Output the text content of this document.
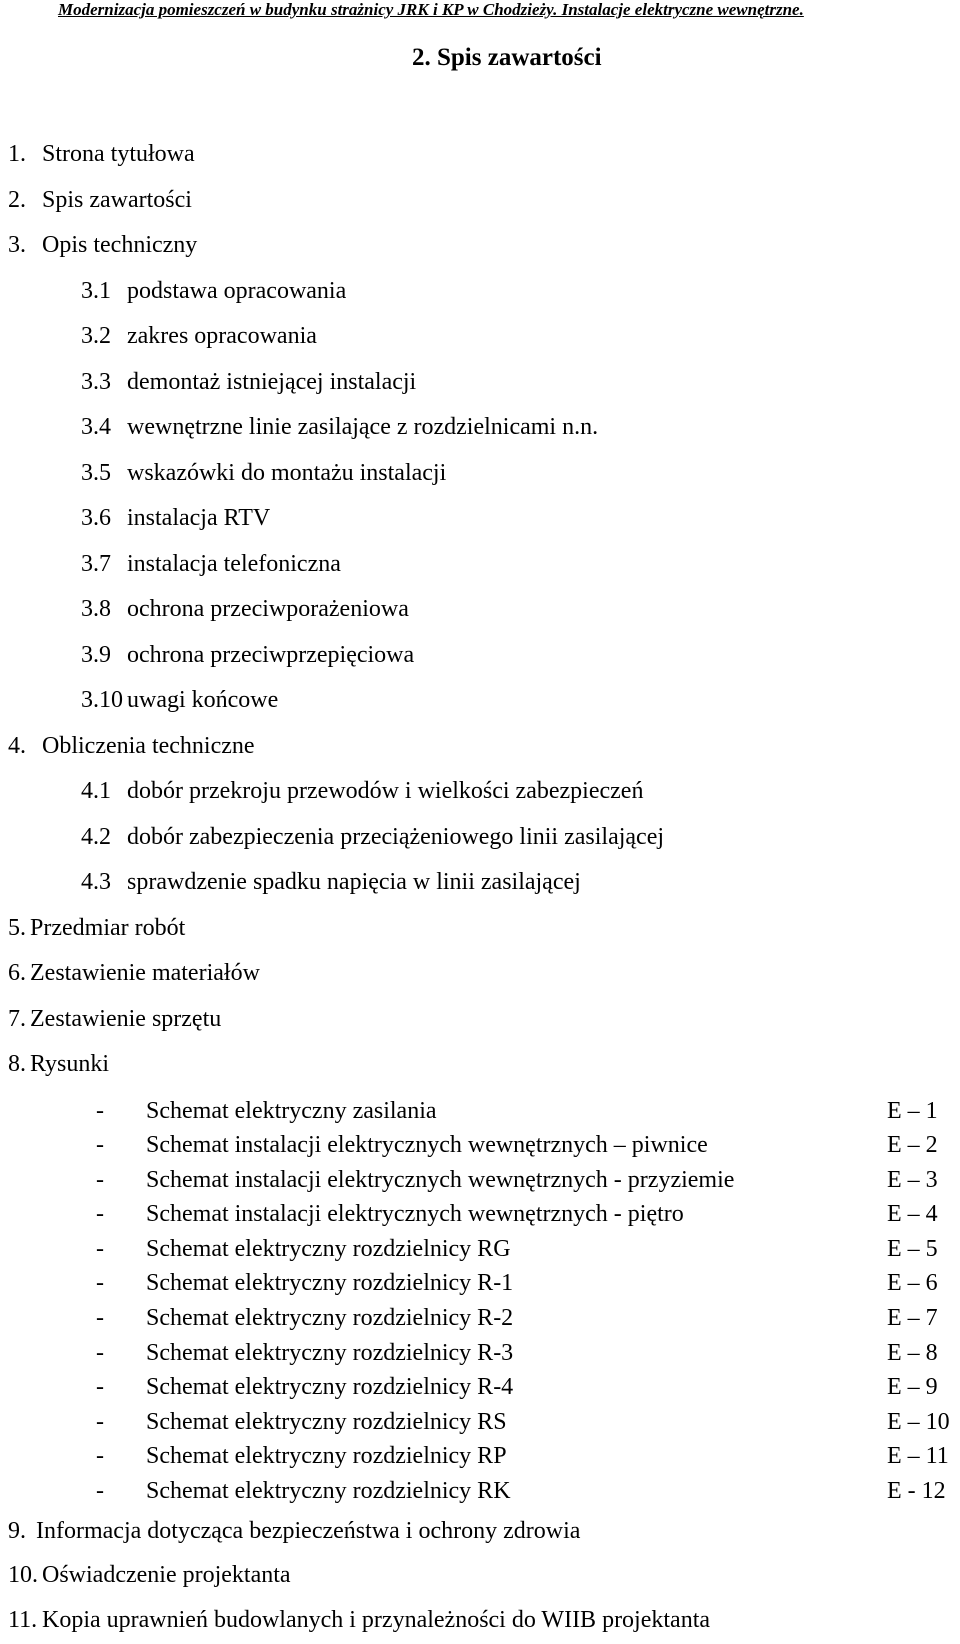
Modernizacja pomieszczeń w budynku strażnicy JRK i KP w Chodzieży. Instalacje elektryczne wewnętrzne.
2. Spis zawartości
1. Strona tytułowa
2. Spis zawartości
3. Opis techniczny
3.1 podstawa opracowania
3.2 zakres opracowania
3.3 demontaż istniejącej instalacji
3.4 wewnętrzne linie zasilające z rozdzielnicami n.n.
3.5 wskazówki do montażu instalacji
3.6 instalacja RTV
3.7 instalacja telefoniczna
3.8 ochrona przeciwporażeniowa
3.9 ochrona przeciwprzepięciowa
3.10 uwagi końcowe
4. Obliczenia techniczne
4.1 dobór przekroju przewodów i wielkości zabezpieczeń
4.2 dobór zabezpieczenia przeciążeniowego linii zasilającej
4.3 sprawdzenie spadku napięcia w linii zasilającej
5. Przedmiar robót
6. Zestawienie materiałów
7. Zestawienie sprzętu
8. Rysunki
- Schemat elektryczny zasilania	E – 1
- Schemat instalacji elektrycznych wewnętrznych – piwnice	E – 2
- Schemat instalacji elektrycznych wewnętrznych - przyziemie	E – 3
- Schemat instalacji elektrycznych wewnętrznych - piętro	E – 4
- Schemat elektryczny rozdzielnicy RG	E – 5
- Schemat elektryczny rozdzielnicy R-1	E – 6
- Schemat elektryczny rozdzielnicy R-2	E – 7
- Schemat elektryczny rozdzielnicy R-3	E – 8
- Schemat elektryczny rozdzielnicy R-4	E – 9
- Schemat elektryczny rozdzielnicy RS	E – 10
- Schemat elektryczny rozdzielnicy RP	E – 11
- Schemat elektryczny rozdzielnicy RK	E - 12
9. Informacja dotycząca bezpieczeństwa i ochrony zdrowia
10. Oświadczenie projektanta
11. Kopia uprawnień budowlanych i przynależności do WIIB projektanta
